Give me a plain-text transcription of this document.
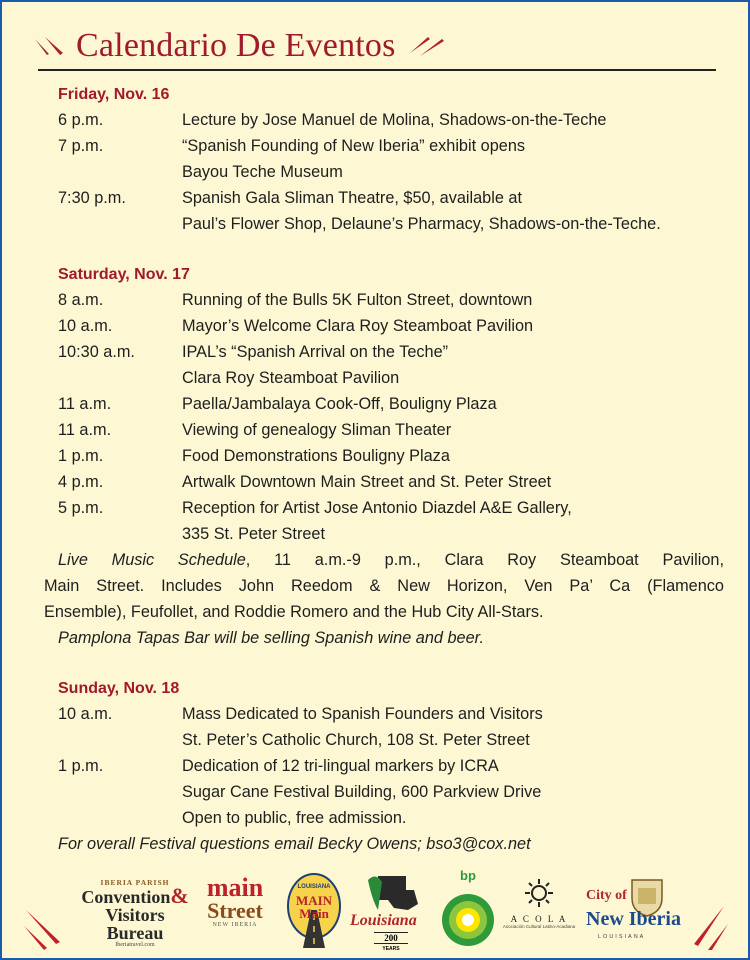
Calendario De Eventos
Friday, Nov. 16
6 p.m.	Lecture by Jose Manuel de Molina, Shadows-on-the-Teche
7 p.m.	“Spanish Founding of New Iberia” exhibit opens
Bayou Teche Museum
7:30 p.m.	Spanish Gala Sliman Theatre, $50, available at
Paul’s Flower Shop, Delaune’s Pharmacy, Shadows-on-the-Teche.
Saturday, Nov. 17
8 a.m.	Running of the Bulls 5K Fulton Street, downtown
10 a.m.	Mayor’s Welcome Clara Roy Steamboat Pavilion
10:30 a.m.	IPAL’s “Spanish Arrival on the Teche”
Clara Roy Steamboat Pavilion
11 a.m.	Paella/Jambalaya Cook-Off, Bouligny Plaza
11 a.m.	Viewing of genealogy Sliman Theater
1 p.m.	Food Demonstrations Bouligny Plaza
4 p.m.	Artwalk Downtown Main Street and St. Peter Street
5 p.m.	Reception for Artist Jose Antonio Diazdel A&E Gallery,
335 St. Peter Street
Live Music Schedule, 11 a.m.-9 p.m., Clara Roy Steamboat Pavilion,
Main Street. Includes John Reedom & New Horizon, Ven Pa’ Ca (Flamenco
Ensemble), Feufollet, and Roddie Romero and the Hub City All-Stars.
Pamplona Tapas Bar will be selling Spanish wine and beer.
Sunday, Nov. 18
10 a.m.	Mass Dedicated to Spanish Founders and Visitors
St. Peter’s Catholic Church, 108 St. Peter Street
1 p.m.	Dedication of 12 tri-lingual markers by ICRA
Sugar Cane Festival Building, 600 Parkview Drive
Open to public, free admission.
For overall Festival questions email Becky Owens; bso3@cox.net
IBERIA PARISH
Convention&
Visitors Bureau
Iberiatravel.com
main
Street
NEW IBERIA
LOUISIANA
MAIN
Main	Louisiana
200
YEARS
bp
A C O L A
Asociación Cultural Latino-Acadiana
City of
New Iberia
LOUISIANA
